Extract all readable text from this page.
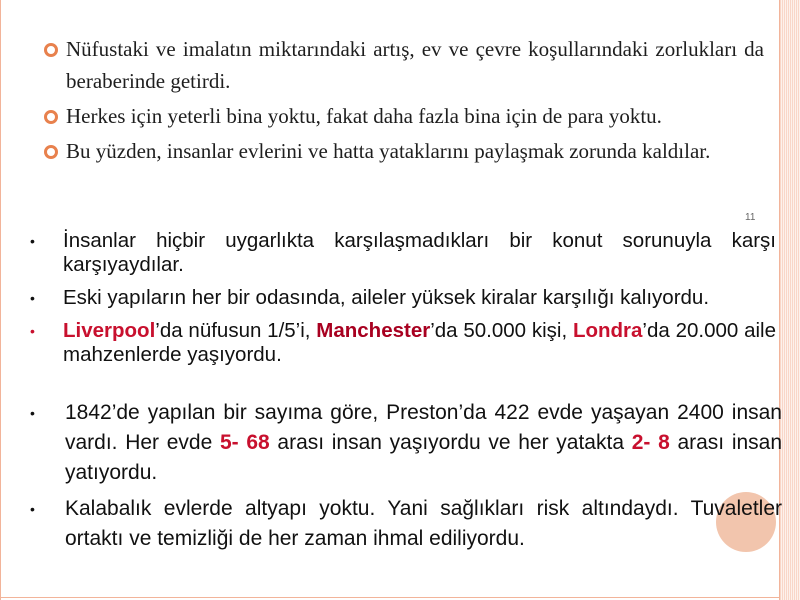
Nüfustaki ve imalatın miktarındaki artış, ev ve çevre koşullarındaki zorlukları da beraberinde getirdi.
Herkes için yeterli bina yoktu, fakat daha fazla bina için de para yoktu.
Bu yüzden, insanlar evlerini ve hatta yataklarını paylaşmak zorunda kaldılar.
11
• İnsanlar hiçbir uygarlıkta karşılaşmadıkları bir konut sorunuyla karşı karşıyaydılar.
• Eski yapıların her bir odasında, aileler yüksek kiralar karşılığı kalıyordu.
• Liverpool’da nüfusun 1/5’i, Manchester’da 50.000 kişi, Londra’da 20.000 aile mahzenlerde yaşıyordu.
• 1842’de yapılan bir sayıma göre, Preston’da 422 evde yaşayan 2400 insan vardı. Her evde 5- 68 arası insan yaşıyordu ve her yatakta 2- 8 arası insan yatıyordu.
• Kalabalık evlerde altyapı yoktu. Yani sağlıkları risk altındaydı. Tuvaletler ortaktı ve temizliği de her zaman ihmal ediliyordu.
